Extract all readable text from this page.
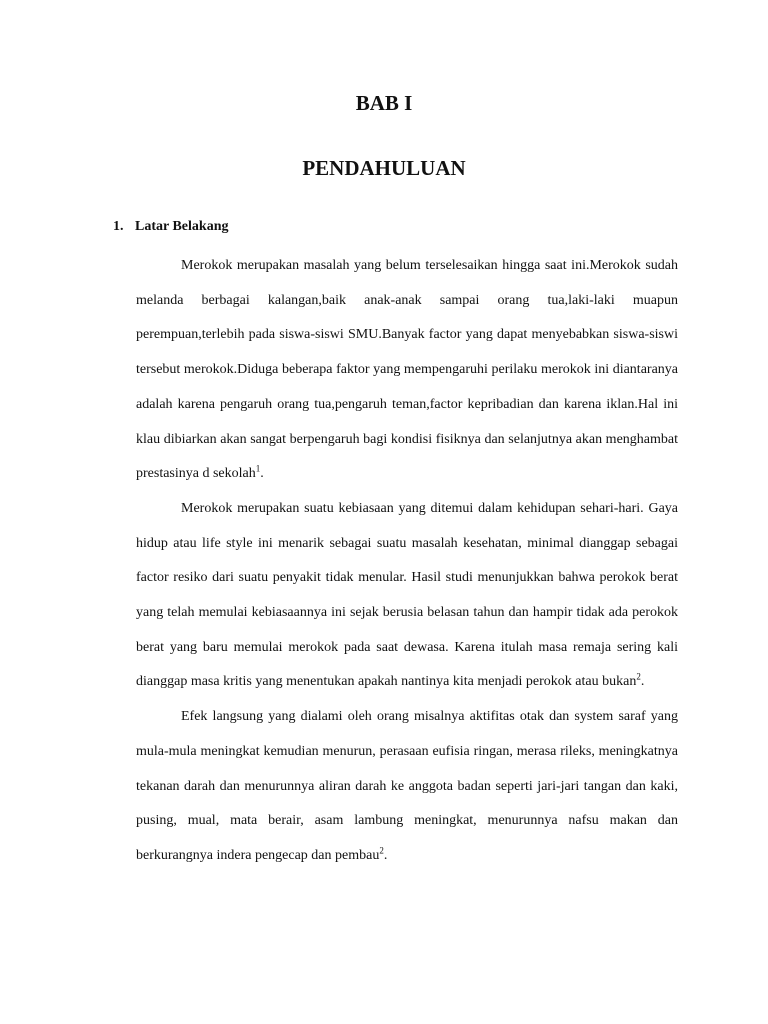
BAB I
PENDAHULUAN
1. Latar Belakang

Merokok merupakan masalah yang belum terselesaikan hingga saat ini.Merokok sudah melanda berbagai kalangan,baik anak-anak sampai orang tua,laki-laki muapun perempuan,terlebih pada siswa-siswi SMU.Banyak factor yang dapat menyebabkan siswa-siswi tersebut merokok.Diduga beberapa faktor yang mempengaruhi perilaku merokok ini diantaranya adalah karena pengaruh orang tua,pengaruh teman,factor kepribadian dan karena iklan.Hal ini klau dibiarkan akan sangat berpengaruh bagi kondisi fisiknya dan selanjutnya akan menghambat prestasinya d sekolah$^1$.

Merokok merupakan suatu kebiasaan yang ditemui dalam kehidupan sehari-hari. Gaya hidup atau life style ini menarik sebagai suatu masalah kesehatan, minimal dianggap sebagai factor resiko dari suatu penyakit tidak menular. Hasil studi menunjukkan bahwa perokok berat yang telah memulai kebiasaannya ini sejak berusia belasan tahun dan hampir tidak ada perokok berat yang baru memulai merokok pada saat dewasa. Karena itulah masa remaja sering kali dianggap masa kritis yang menentukan apakah nantinya kita menjadi perokok atau bukan$^2$.

Efek langsung yang dialami oleh orang misalnya aktifitas otak dan system saraf yang mula-mula meningkat kemudian menurun, perasaan eufisia ringan, merasa rileks, meningkatnya tekanan darah dan menurunnya aliran darah ke anggota badan seperti jari-jari tangan dan kaki, pusing, mual, mata berair, asam lambung meningkat, menurunnya nafsu makan dan berkurangnya indera pengecap dan pembau$^2$.
